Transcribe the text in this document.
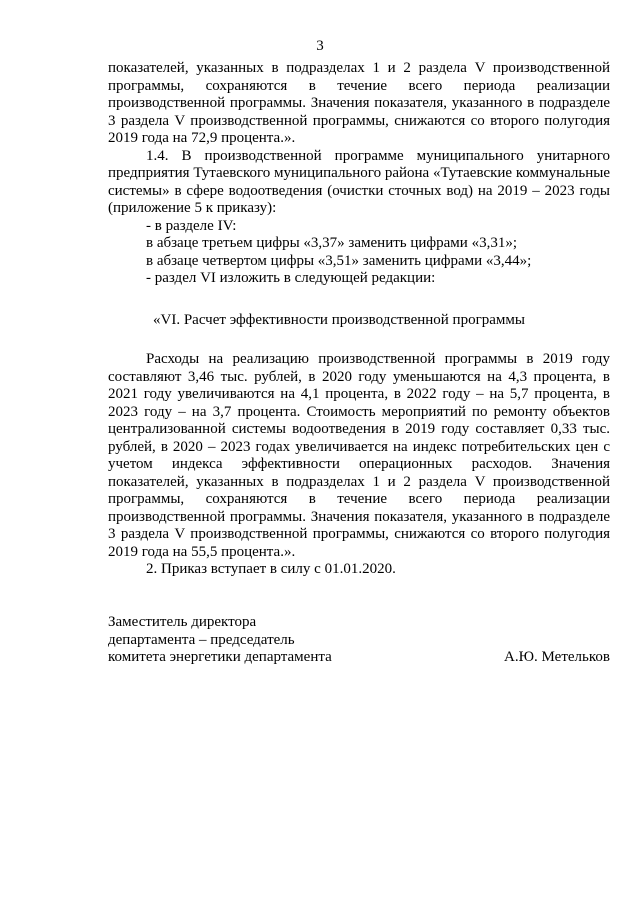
3

показателей, указанных в подразделах 1 и 2 раздела V производственной программы, сохраняются в течение всего периода реализации производственной программы. Значения показателя, указанного в подразделе 3 раздела V производственной программы, снижаются со второго полугодия 2019 года на 72,9 процента.».

1.4. В производственной программе муниципального унитарного предприятия Тутаевского муниципального района «Тутаевские коммунальные системы» в сфере водоотведения (очистки сточных вод) на 2019 – 2023 годы (приложение 5 к приказу):

- в разделе IV:

в абзаце третьем цифры «3,37» заменить цифрами «3,31»;

в абзаце четвертом цифры «3,51» заменить цифрами «3,44»;

- раздел VI изложить в следующей редакции:

«VI. Расчет эффективности производственной программы

Расходы на реализацию производственной программы в 2019 году составляют 3,46 тыс. рублей, в 2020 году уменьшаются на 4,3 процента, в 2021 году увеличиваются на 4,1 процента, в 2022 году – на 5,7 процента, в 2023 году – на 3,7 процента. Стоимость мероприятий по ремонту объектов централизованной системы водоотведения в 2019 году составляет 0,33 тыс. рублей, в 2020 – 2023 годах увеличивается на индекс потребительских цен с учетом индекса эффективности операционных расходов. Значения показателей, указанных в подразделах 1 и 2 раздела V производственной программы, сохраняются в течение всего периода реализации производственной программы. Значения показателя, указанного в подразделе 3 раздела V производственной программы, снижаются со второго полугодия 2019 года на 55,5 процента.».

2. Приказ вступает в силу с 01.01.2020.

Заместитель директора
департамента – председатель
комитета энергетики департамента	А.Ю. Метельков
